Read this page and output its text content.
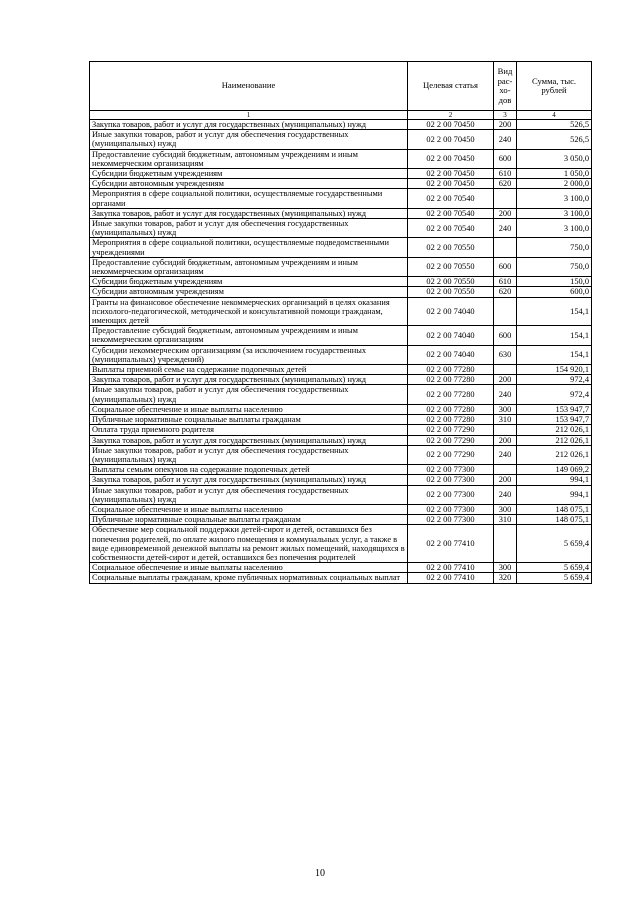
Наименование	Целевая статья	Вид рас-хо-дов	Сумма, тыс. рублей
1	2	3	4
Закупка товаров, работ и услуг для государственных (муниципальных) нужд	02 2 00 70450	200	526,5
Иные закупки товаров, работ и услуг для обеспечения государственных (муниципальных) нужд	02 2 00 70450	240	526,5
Предоставление субсидий бюджетным, автономным учреждениям и иным некоммерческим организациям	02 2 00 70450	600	3 050,0
Субсидии бюджетным учреждениям	02 2 00 70450	610	1 050,0
Субсидии автономным учреждениям	02 2 00 70450	620	2 000,0
Мероприятия в сфере социальной политики, осуществляемые государственными органами	02 2 00 70540		3 100,0
Закупка товаров, работ и услуг для государственных (муниципальных) нужд	02 2 00 70540	200	3 100,0
Иные закупки товаров, работ и услуг для обеспечения государственных (муниципальных) нужд	02 2 00 70540	240	3 100,0
Мероприятия в сфере социальной политики, осуществляемые подведомственными учреждениями	02 2 00 70550		750,0
Предоставление субсидий бюджетным, автономным учреждениям и иным некоммерческим организациям	02 2 00 70550	600	750,0
Субсидии бюджетным учреждениям	02 2 00 70550	610	150,0
Субсидии автономным учреждениям	02 2 00 70550	620	600,0
Гранты на финансовое обеспечение некоммерческих организаций в целях оказания психолого-педагогической, методической и консультативной помощи гражданам, имеющих детей	02 2 00 74040		154,1
Предоставление субсидий бюджетным, автономным учреждениям и иным некоммерческим организациям	02 2 00 74040	600	154,1
Субсидии некоммерческим организациям (за исключением государственных (муниципальных) учреждений)	02 2 00 74040	630	154,1
Выплаты приемной семье на содержание подопечных детей	02 2 00 77280		154 920,1
Закупка товаров, работ и услуг для государственных (муниципальных) нужд	02 2 00 77280	200	972,4
Иные закупки товаров, работ и услуг для обеспечения государственных (муниципальных) нужд	02 2 00 77280	240	972,4
Социальное обеспечение и иные выплаты населению	02 2 00 77280	300	153 947,7
Публичные нормативные социальные выплаты гражданам	02 2 00 77280	310	153 947,7
Оплата труда приемного родителя	02 2 00 77290		212 026,1
Закупка товаров, работ и услуг для государственных (муниципальных) нужд	02 2 00 77290	200	212 026,1
Иные закупки товаров, работ и услуг для обеспечения государственных (муниципальных) нужд	02 2 00 77290	240	212 026,1
Выплаты семьям опекунов на содержание подопечных детей	02 2 00 77300		149 069,2
Закупка товаров, работ и услуг для государственных (муниципальных) нужд	02 2 00 77300	200	994,1
Иные закупки товаров, работ и услуг для обеспечения государственных (муниципальных) нужд	02 2 00 77300	240	994,1
Социальное обеспечение и иные выплаты населению	02 2 00 77300	300	148 075,1
Публичные нормативные социальные выплаты гражданам	02 2 00 77300	310	148 075,1
Обеспечение мер социальной поддержки детей-сирот и детей, оставшихся без попечения родителей, по оплате жилого помещения и коммунальных услуг, а также в виде единовременной денежной выплаты на ремонт жилых помещений, находящихся в собственности детей-сирот и детей, оставшихся без попечения родителей	02 2 00 77410		5 659,4
Социальное обеспечение и иные выплаты населению	02 2 00 77410	300	5 659,4
Социальные выплаты гражданам, кроме публичных нормативных социальных выплат	02 2 00 77410	320	5 659,4
10
